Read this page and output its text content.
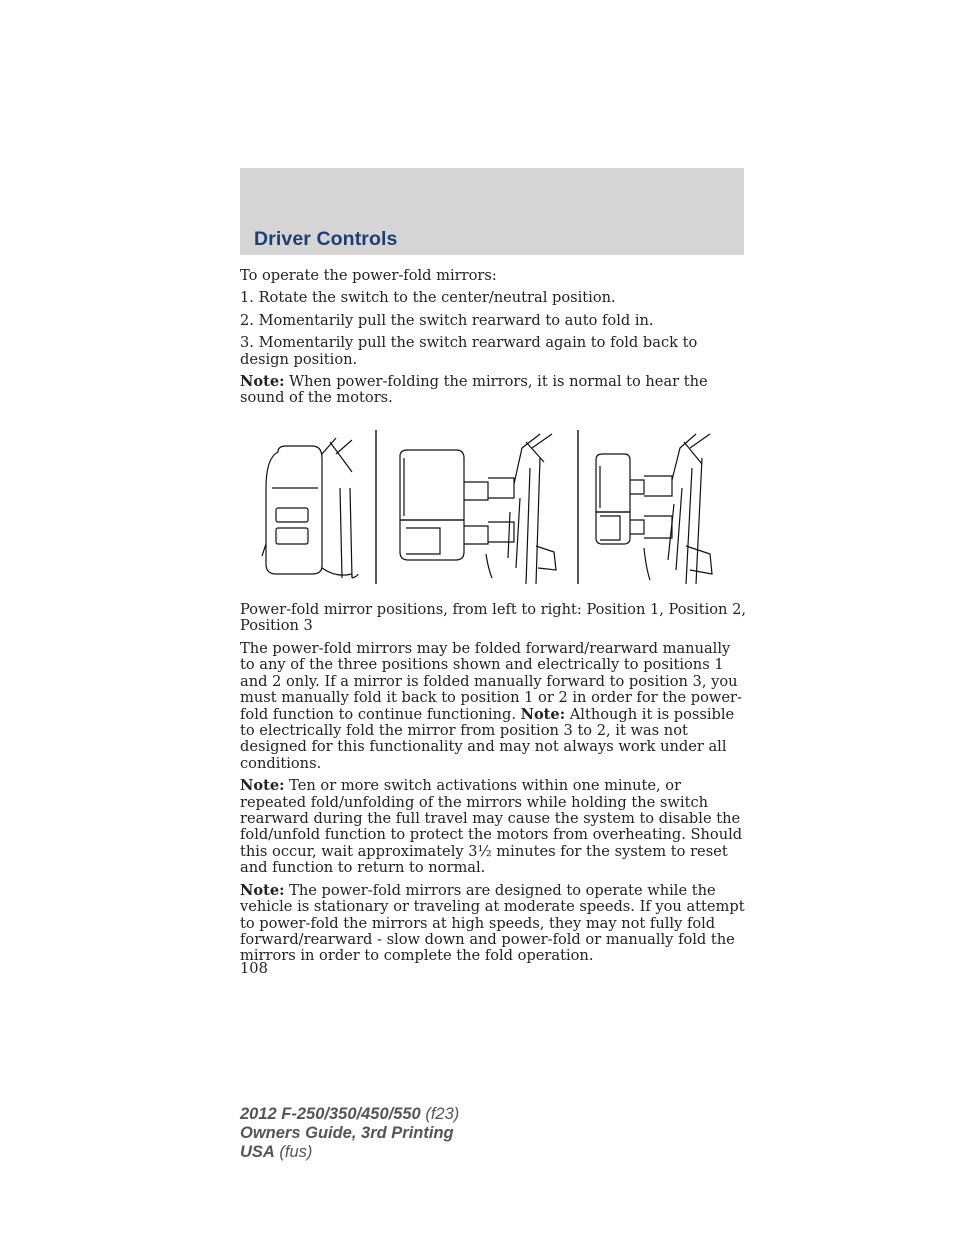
Driver Controls

To operate the power-fold mirrors:

1. Rotate the switch to the center/neutral position.

2. Momentarily pull the switch rearward to auto fold in.

3. Momentarily pull the switch rearward again to fold back to design position.

Note: When power-folding the mirrors, it is normal to hear the sound of the motors.

Power-fold mirror positions, from left to right: Position 1, Position 2, Position 3

The power-fold mirrors may be folded forward/rearward manually to any of the three positions shown and electrically to positions 1 and 2 only. If a mirror is folded manually forward to position 3, you must manually fold it back to position 1 or 2 in order for the power-fold function to continue functioning. Note: Although it is possible to electrically fold the mirror from position 3 to 2, it was not designed for this functionality and may not always work under all conditions.

Note: Ten or more switch activations within one minute, or repeated fold/unfolding of the mirrors while holding the switch rearward during the full travel may cause the system to disable the fold/unfold function to protect the motors from overheating. Should this occur, wait approximately 3½ minutes for the system to reset and function to return to normal.

Note: The power-fold mirrors are designed to operate while the vehicle is stationary or traveling at moderate speeds. If you attempt to power-fold the mirrors at high speeds, they may not fully fold forward/rearward - slow down and power-fold or manually fold the mirrors in order to complete the fold operation.

108
2012 F-250/350/450/550 (f23)
Owners Guide, 3rd Printing
USA (fus)
